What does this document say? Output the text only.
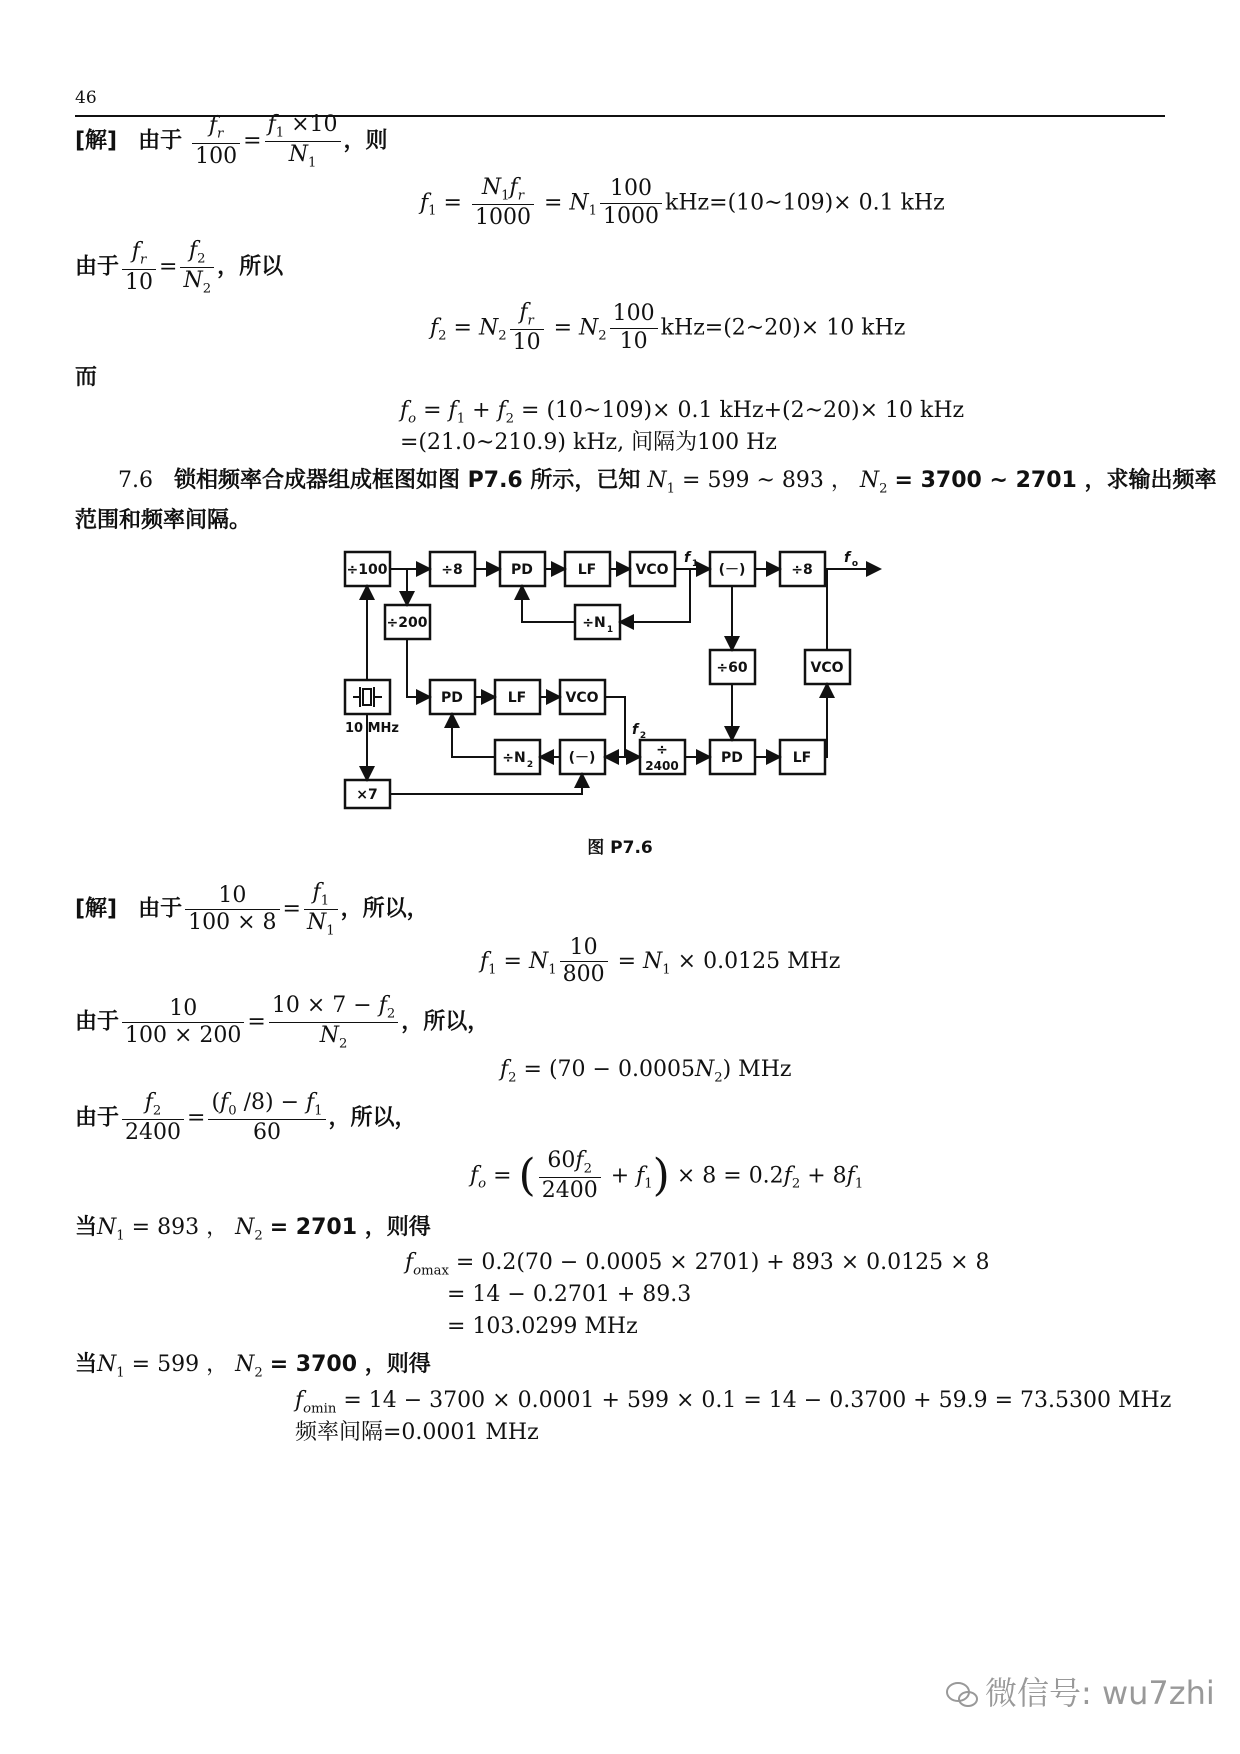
46
[解] 由于 $\frac{f_r}{100} = \frac{f_1 \times 10}{N_1}$ ，则
$f_1 = \frac{N_1f_r}{1000} = N_1 \frac{100}{1000}$ kHz=(10~109)× 0.1 kHz
由于 $\frac{f_r}{10} = \frac{f_2}{N_2}$ ，所以
$f_2 = N_2 \frac{f_r}{10} = N_2 \frac{100}{10}$ kHz=(2~20)× 10 kHz
而
$f_o = f_1 + f_2$ = (10~109)× 0.1 kHz+(2~20)× 10 kHz
=(21.0~210.9) kHz, 间隔为100 Hz
7.6 锁相频率合成器组成框图如图 P7.6 所示，已知 $N_1 = 599$ ~ 893 ， $N_2 = 3700$ ~ 2701 ，求输出频率
范围和频率间隔。
÷100	÷8	PD	LF	VCO	(－)	÷8
÷200	÷N 1
÷60	VCO
PD	LF	VCO
÷N 2	(－)	÷
2400	PD	LF
×7
10 MHz
f 1	f o
f 2
图 P7.6
[解] 由于 $\frac{10}{100 \times 8} = \frac{f_1}{N_1}$ ，所以，
$f_1 = N_1 \frac{10}{800} = N_1 \times 0.0125$ MHz
由于 $\frac{10}{100 \times 200} = \frac{10 \times 7 - f_2}{N_2}$ ，所以，
$f_2 = (70 - 0.0005N_2)$ MHz
由于 $\frac{f_2}{2400} = \frac{(f_0 /8) - f_1}{60}$ ，所以，
$f_o$ = ( $\frac{60f_2}{2400} + f_1) \times 8 = 0.2f_2 + 8f_1$
当$N_1 = 893$ ， $N_2 = 2701$ ，则得
$f_{omax} = 0.2(70 - 0.0005 \times 2701) + 893 \times 0.0125 \times 8$
= 14 − 0.2701 + 89.3
= 103.0299 MHz
当$N_1 = 599$ ， $N_2 = 3700$ ，则得
$f_{omin} = 14 - 3700 \times 0.0001 + 599 \times 0.1 = 14 - 0.3700 + 59.9 = 73.5300$ MHz
频率间隔=0.0001 MHz
微信号: wu7zhi
